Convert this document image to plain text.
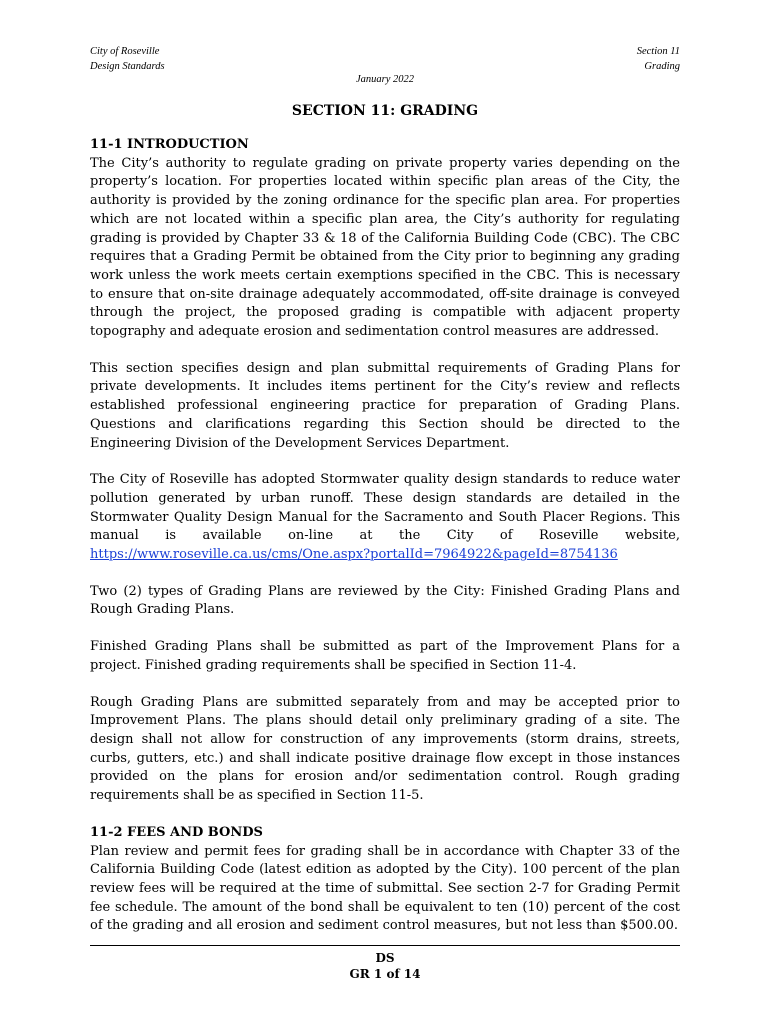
City of Roseville
Design Standards
Section 11
Grading
January 2022
SECTION 11: GRADING
11-1 INTRODUCTION

The City’s authority to regulate grading on private property varies depending on the property’s location. For properties located within specific plan areas of the City, the authority is provided by the zoning ordinance for the specific plan area. For properties which are not located within a specific plan area, the City’s authority for regulating grading is provided by Chapter 33 & 18 of the California Building Code (CBC). The CBC requires that a Grading Permit be obtained from the City prior to beginning any grading work unless the work meets certain exemptions specified in the CBC. This is necessary to ensure that on-site drainage adequately accommodated, off-site drainage is conveyed through the project, the proposed grading is compatible with adjacent property topography and adequate erosion and sedimentation control measures are addressed.

This section specifies design and plan submittal requirements of Grading Plans for private developments. It includes items pertinent for the City’s review and reflects established professional engineering practice for preparation of Grading Plans. Questions and clarifications regarding this Section should be directed to the Engineering Division of the Development Services Department.

The City of Roseville has adopted Stormwater quality design standards to reduce water pollution generated by urban runoff. These design standards are detailed in the Stormwater Quality Design Manual for the Sacramento and South Placer Regions. This manual is available on-line at the City of Roseville website,
https://www.roseville.ca.us/cms/One.aspx?portalId=7964922&pageId=8754136

Two (2) types of Grading Plans are reviewed by the City: Finished Grading Plans and Rough Grading Plans.

Finished Grading Plans shall be submitted as part of the Improvement Plans for a project. Finished grading requirements shall be specified in Section 11-4.

Rough Grading Plans are submitted separately from and may be accepted prior to Improvement Plans. The plans should detail only preliminary grading of a site. The design shall not allow for construction of any improvements (storm drains, streets, curbs, gutters, etc.) and shall indicate positive drainage flow except in those instances provided on the plans for erosion and/or sedimentation control. Rough grading requirements shall be as specified in Section 11-5.

11-2 FEES AND BONDS

Plan review and permit fees for grading shall be in accordance with Chapter 33 of the California Building Code (latest edition as adopted by the City). 100 percent of the plan review fees will be required at the time of submittal. See section 2-7 for Grading Permit fee schedule. The amount of the bond shall be equivalent to ten (10) percent of the cost of the grading and all erosion and sediment control measures, but not less than $500.00.

DS
GR 1 of 14
